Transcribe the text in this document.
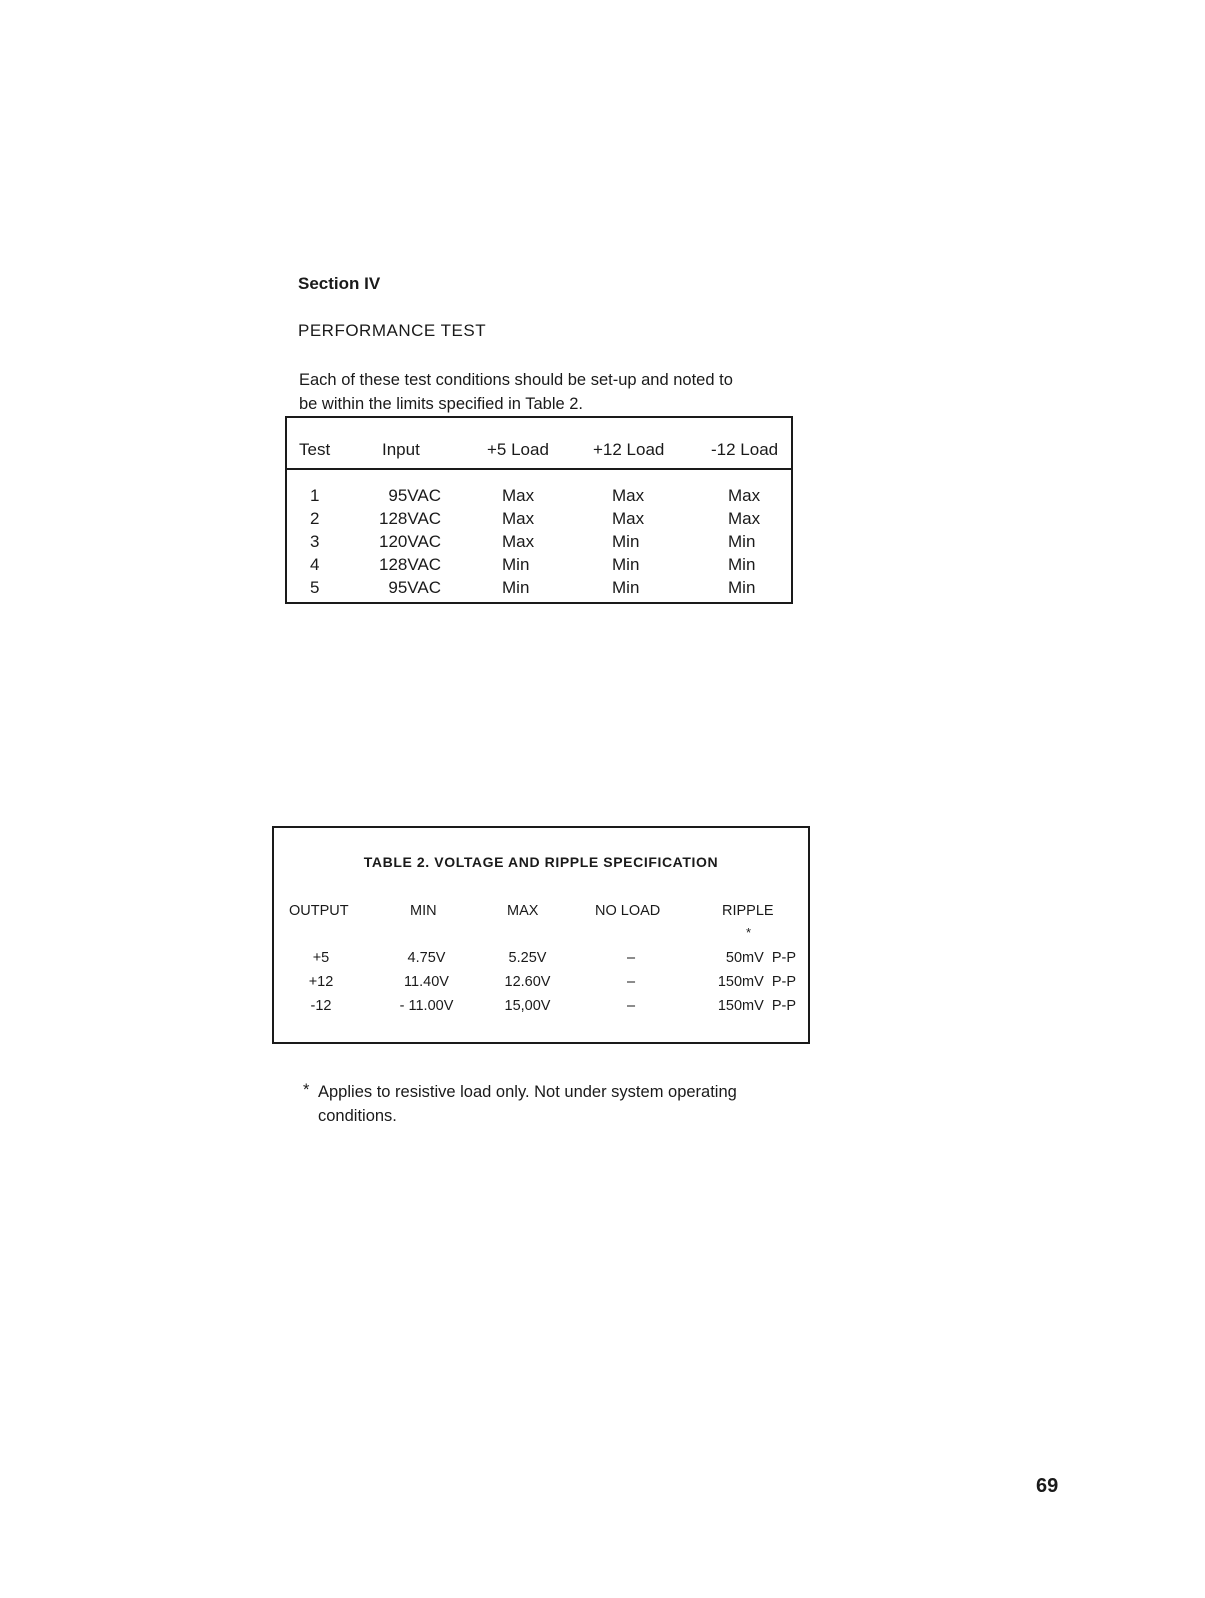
Section IV
PERFORMANCE TEST
Each of these test conditions should be set-up and noted to
be within the limits specified in Table 2.
Test	Input	+5 Load	+12 Load	-12 Load
1	95VAC	Max	Max	Max
2	128VAC	Max	Max	Max
3	120VAC	Max	Min	Min
4	128VAC	Min	Min	Min
5	95VAC	Min	Min	Min
TABLE 2. VOLTAGE AND RIPPLE SPECIFICATION
OUTPUT	MIN	MAX	NO LOAD	RIPPLE
*
+5	4.75V	5.25V	–	50mV  P-P
+12	11.40V	12.60V	–	150mV  P-P
-12	- 11.00V	15,00V	–	150mV  P-P
* Applies to resistive load only. Not under system operating
conditions.
69
